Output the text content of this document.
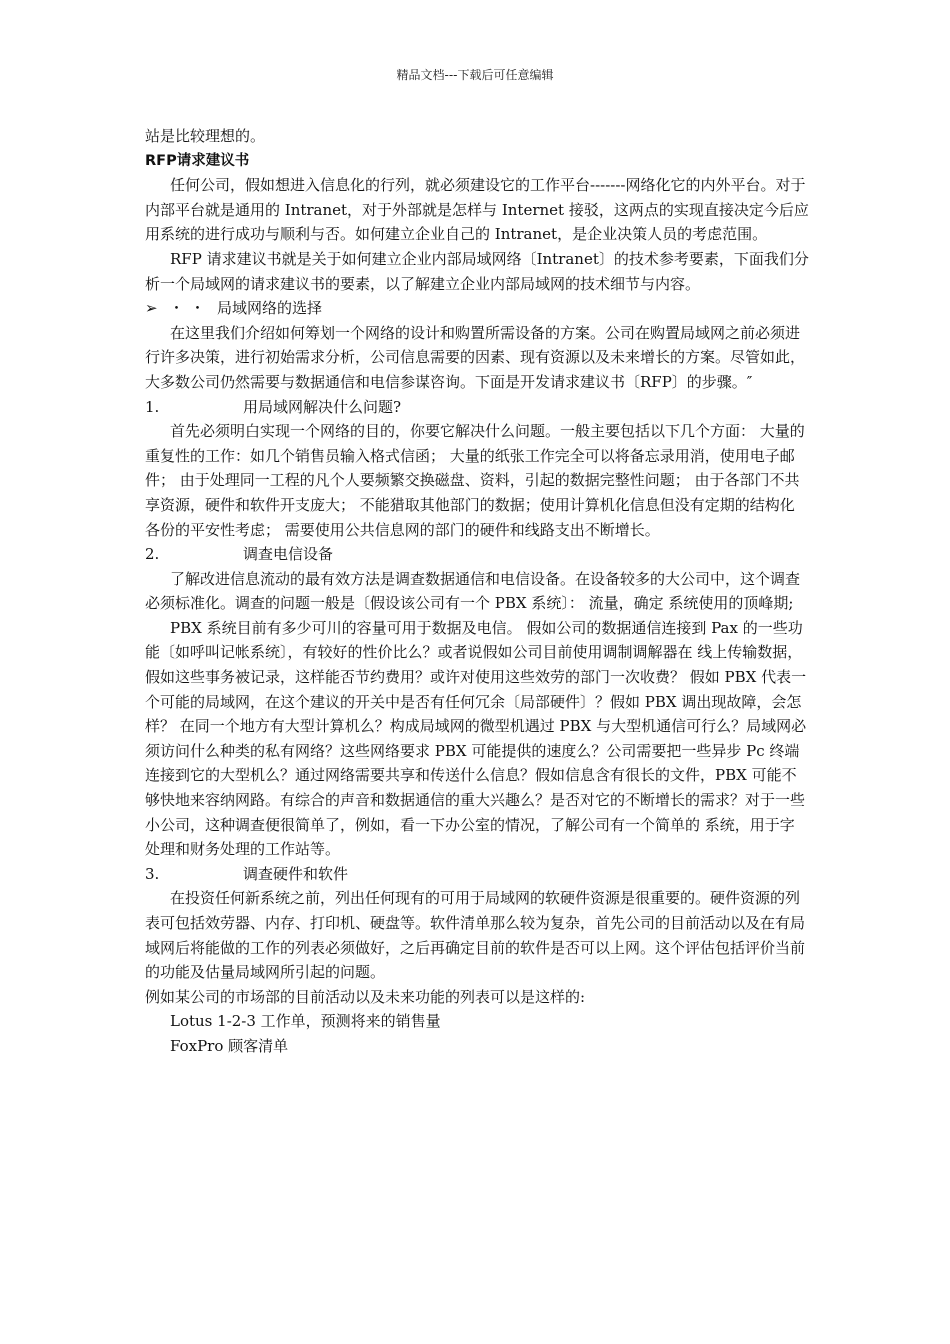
精品文档---下载后可任意编辑

站是比较理想的。

RFP请求建议书

任何公司，假如想进入信息化的行列，就必须建设它的工作平台-------网络化它的内外平台。对于内部平台就是通用的 Intranet，对于外部就是怎样与 Internet 接驳，这两点的实现直接决定今后应用系统的进行成功与顺利与否。如何建立企业自己的 Intranet，是企业决策人员的考虑范围。

RFP 请求建议书就是关于如何建立企业内部局域网络〔Intranet〕的技术参考要素，下面我们分析一个局域网的请求建议书的要素，以了解建立企业内部局域网的技术细节与内容。

➢ ・・ 局域网络的选择

在这里我们介绍如何筹划一个网络的设计和购置所需设备的方案。公司在购置局域网之前必须进行许多决策，进行初始需求分析，公司信息需要的因素、现有资源以及未来增长的方案。尽管如此，大多数公司仍然需要与数据通信和电信参谋咨询。下面是开发请求建议书〔RFP〕的步骤。″

1.	用局域网解决什么问题?

首先必须明白实现一个网络的目的，你要它解决什么问题。一般主要包括以下几个方面： 大量的重复性的工作：如几个销售员输入格式信函； 大量的纸张工作完全可以将备忘录用消，使用电子邮件； 由于处理同一工程的凡个人要频繁交换磁盘、资料，引起的数据完整性问题； 由于各部门不共享资源，硬件和软件开支庞大； 不能猎取其他部门的数据；使用计算机化信息但没有定期的结构化各份的平安性考虑； 需要使用公共信息网的部门的硬件和线路支出不断增长。

2.	调查电信设备

了解改进信息流动的最有效方法是调查数据通信和电信设备。在设备较多的大公司中，这个调查必须标准化。调查的问题一般是〔假设该公司有一个 PBX 系统〕： 流量，确定 系统使用的顶峰期;

PBX 系统目前有多少可川的容量可用于数据及电信。 假如公司的数据通信连接到 Pax 的一些功能〔如呼叫记帐系统〕，有较好的性价比么？或者说假如公司目前使用调制调解器在 线上传输数据，假如这些事务被记录，这样能否节约费用？或许对使用这些效劳的部门一次收费？ 假如 PBX 代表一个可能的局域网，在这个建议的开关中是否有任何冗余〔局部硬件〕？假如 PBX 调出现故障，会怎样？ 在同一个地方有大型计算机么？构成局域网的微型机遇过 PBX 与大型机通信可行么？局域网必须访问什么种类的私有网络？这些网络要求 PBX 可能提供的速度么？公司需要把一些异步 Pc 终端连接到它的大型机么？通过网络需要共享和传送什么信息？假如信息含有很长的文件，PBX 可能不够快地来容纳网路。有综合的声音和数据通信的重大兴趣么？是否对它的不断增长的需求？对于一些小公司，这种调查便很简单了，例如，看一下办公室的情况，了解公司有一个简单的 系统，用于字处理和财务处理的工作站等。

3.	调查硬件和软件

在投资任何新系统之前，列出任何现有的可用于局域网的软硬件资源是很重要的。硬件资源的列表可包括效劳器、内存、打印机、硬盘等。软件清单那么较为复杂，首先公司的目前活动以及在有局域网后将能做的工作的列表必须做好，之后再确定目前的软件是否可以上网。这个评估包括评价当前的功能及估量局域网所引起的问题。

例如某公司的市场部的目前活动以及未来功能的列表可以是这样的:

Lotus 1-2-3 工作单，预测将来的销售量

FoxPro 顾客清单
